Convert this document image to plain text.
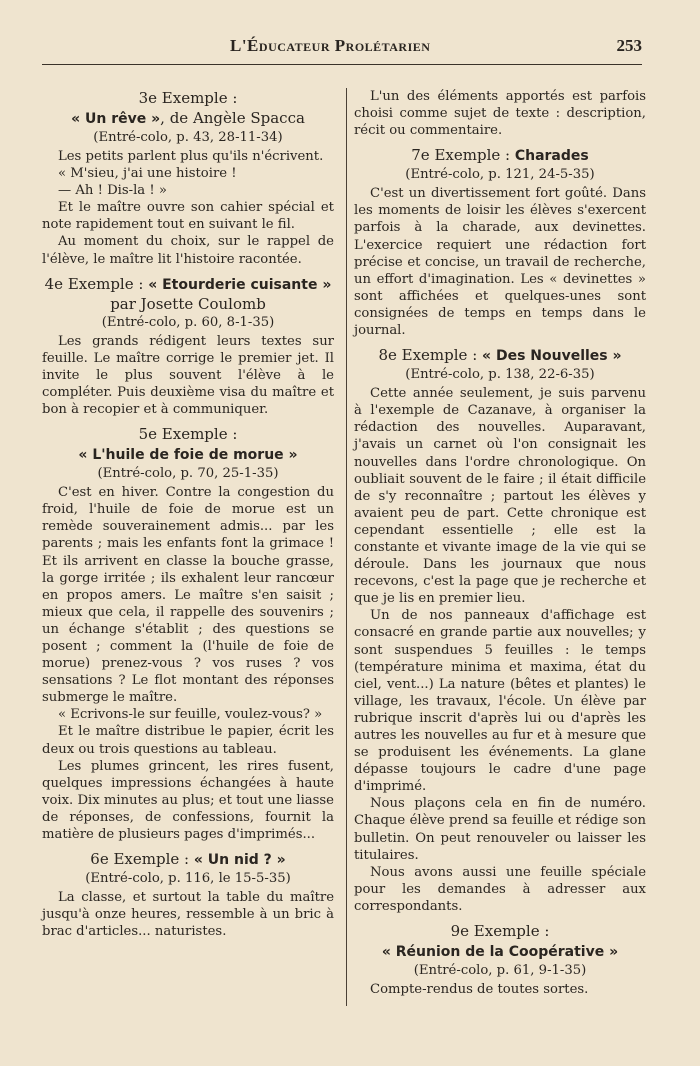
L'Éducateur Prolétarien	253

3e Exemple :

« Un rêve », de Angèle Spacca

(Entré-colo, p. 43, 28-11-34)

Les petits parlent plus qu'ils n'écrivent.

« M'sieu, j'ai une histoire !

— Ah ! Dis-la ! »

Et le maître ouvre son cahier spécial et note rapidement tout en suivant le fil.

Au moment du choix, sur le rappel de l'élève, le maître lit l'histoire racontée.

4e Exemple : « Etourderie cuisante »

par Josette Coulomb

(Entré-colo, p. 60, 8-1-35)

Les grands rédigent leurs textes sur feuille. Le maître corrige le premier jet. Il invite le plus souvent l'élève à le compléter. Puis deuxième visa du maître et bon à recopier et à communiquer.

5e Exemple :

« L'huile de foie de morue »

(Entré-colo, p. 70, 25-1-35)

C'est en hiver. Contre la congestion du froid, l'huile de foie de morue est un remède souverainement admis... par les parents ; mais les enfants font la grimace ! Et ils arrivent en classe la bouche grasse, la gorge irritée ; ils exhalent leur rancœur en propos amers. Le maître s'en saisit ; mieux que cela, il rappelle des souvenirs ; un échange s'établit ; des questions se posent ; comment la (l'huile de foie de morue) prenez-vous ? vos ruses ? vos sensations ? Le flot montant des réponses submerge le maître.

« Ecrivons-le sur feuille, voulez-vous? »

Et le maître distribue le papier, écrit les deux ou trois questions au tableau.

Les plumes grincent, les rires fusent, quelques impressions échangées à haute voix. Dix minutes au plus; et tout une liasse de réponses, de confessions, fournit la matière de plusieurs pages d'imprimés...

6e Exemple : « Un nid ? »

(Entré-colo, p. 116, le 15-5-35)

La classe, et surtout la table du maître jusqu'à onze heures, ressemble à un bric à brac d'articles... naturistes.

L'un des éléments apportés est parfois choisi comme sujet de texte : description, récit ou commentaire.

7e Exemple : Charades

(Entré-colo, p. 121, 24-5-35)

C'est un divertissement fort goûté. Dans les moments de loisir les élèves s'exercent parfois à la charade, aux devinettes. L'exercice requiert une rédaction fort précise et concise, un travail de recherche, un effort d'imagination. Les « devinettes » sont affichées et quelques-unes sont consignées de temps en temps dans le journal.

8e Exemple : « Des Nouvelles »

(Entré-colo, p. 138, 22-6-35)

Cette année seulement, je suis parvenu à l'exemple de Cazanave, à organiser la rédaction des nouvelles. Auparavant, j'avais un carnet où l'on consignait les nouvelles dans l'ordre chronologique. On oubliait souvent de le faire ; il était difficile de s'y reconnaître ; partout les élèves y avaient peu de part. Cette chronique est cependant essentielle ; elle est la constante et vivante image de la vie qui se déroule. Dans les journaux que nous recevons, c'est la page que je recherche et que je lis en premier lieu.

Un de nos panneaux d'affichage est consacré en grande partie aux nouvelles; y sont suspendues 5 feuilles : le temps (température minima et maxima, état du ciel, vent...) La nature (bêtes et plantes) le village, les travaux, l'école. Un élève par rubrique inscrit d'après lui ou d'après les autres les nouvelles au fur et à mesure que se produisent les événements. La glane dépasse toujours le cadre d'une page d'imprimé.

Nous plaçons cela en fin de numéro. Chaque élève prend sa feuille et rédige son bulletin. On peut renouveler ou laisser les titulaires.

Nous avons aussi une feuille spéciale pour les demandes à adresser aux correspondants.

9e Exemple :

« Réunion de la Coopérative »

(Entré-colo, p. 61, 9-1-35)

Compte-rendus de toutes sortes.
